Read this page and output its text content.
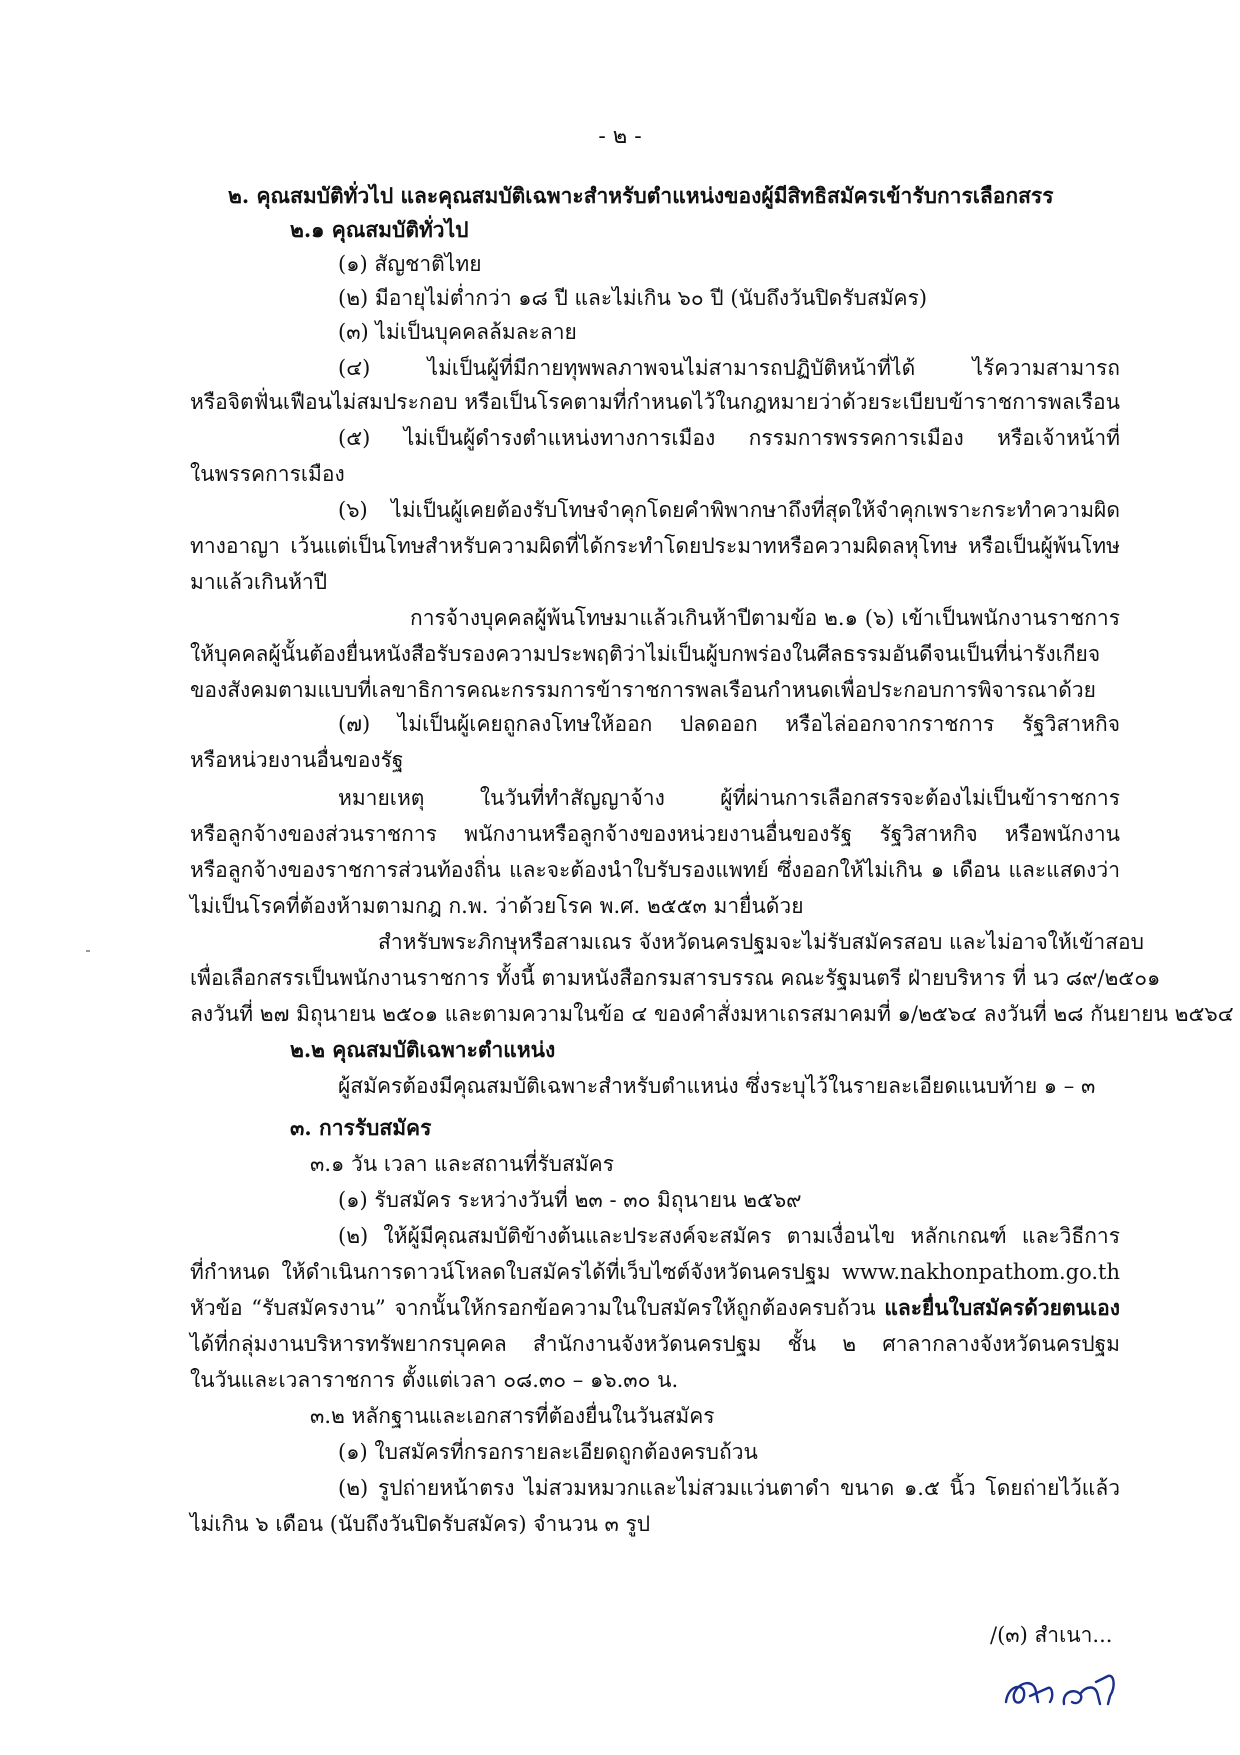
- ๒ -
๒. คุณสมบัติทั่วไป และคุณสมบัติเฉพาะสำหรับตำแหน่งของผู้มีสิทธิสมัครเข้ารับการเลือกสรร
๒.๑ คุณสมบัติทั่วไป
(๑) สัญชาติไทย
(๒) มีอายุไม่ต่ำกว่า ๑๘ ปี และไม่เกิน ๖๐ ปี (นับถึงวันปิดรับสมัคร)
(๓) ไม่เป็นบุคคลล้มละลาย
(๔) ไม่เป็นผู้ที่มีกายทุพพลภาพจนไม่สามารถปฏิบัติหน้าที่ได้ ไร้ความสามารถ
หรือจิตฟั่นเฟือนไม่สมประกอบ หรือเป็นโรคตามที่กำหนดไว้ในกฎหมายว่าด้วยระเบียบข้าราชการพลเรือน
(๕) ไม่เป็นผู้ดำรงตำแหน่งทางการเมือง กรรมการพรรคการเมือง หรือเจ้าหน้าที่
ในพรรคการเมือง
(๖) ไม่เป็นผู้เคยต้องรับโทษจำคุกโดยคำพิพากษาถึงที่สุดให้จำคุกเพราะกระทำความผิด
ทางอาญา เว้นแต่เป็นโทษสำหรับความผิดที่ได้กระทำโดยประมาทหรือความผิดลหุโทษ หรือเป็นผู้พ้นโทษ
มาแล้วเกินห้าปี
การจ้างบุคคลผู้พ้นโทษมาแล้วเกินห้าปีตามข้อ ๒.๑ (๖) เข้าเป็นพนักงานราชการ
ให้บุคคลผู้นั้นต้องยื่นหนังสือรับรองความประพฤติว่าไม่เป็นผู้บกพร่องในศีลธรรมอันดีจนเป็นที่น่ารังเกียจ
ของสังคมตามแบบที่เลขาธิการคณะกรรมการข้าราชการพลเรือนกำหนดเพื่อประกอบการพิจารณาด้วย
(๗) ไม่เป็นผู้เคยถูกลงโทษให้ออก ปลดออก หรือไล่ออกจากราชการ รัฐวิสาหกิจ
หรือหน่วยงานอื่นของรัฐ
หมายเหตุ ในวันที่ทำสัญญาจ้าง ผู้ที่ผ่านการเลือกสรรจะต้องไม่เป็นข้าราชการ
หรือลูกจ้างของส่วนราชการ พนักงานหรือลูกจ้างของหน่วยงานอื่นของรัฐ รัฐวิสาหกิจ หรือพนักงาน
หรือลูกจ้างของราชการส่วนท้องถิ่น และจะต้องนำใบรับรองแพทย์ ซึ่งออกให้ไม่เกิน ๑ เดือน และแสดงว่า
ไม่เป็นโรคที่ต้องห้ามตามกฎ ก.พ. ว่าด้วยโรค พ.ศ. ๒๕๕๓ มายื่นด้วย
สำหรับพระภิกษุหรือสามเณร จังหวัดนครปฐมจะไม่รับสมัครสอบ และไม่อาจให้เข้าสอบ
เพื่อเลือกสรรเป็นพนักงานราชการ ทั้งนี้ ตามหนังสือกรมสารบรรณ คณะรัฐมนตรี ฝ่ายบริหาร ที่ นว ๘๙/๒๕๐๑
ลงวันที่ ๒๗ มิถุนายน ๒๕๐๑ และตามความในข้อ ๔ ของคำสั่งมหาเถรสมาคมที่ ๑/๒๕๖๔ ลงวันที่ ๒๘ กันยายน ๒๕๖๔
๒.๒ คุณสมบัติเฉพาะตำแหน่ง
ผู้สมัครต้องมีคุณสมบัติเฉพาะสำหรับตำแหน่ง ซึ่งระบุไว้ในรายละเอียดแนบท้าย ๑ – ๓
๓. การรับสมัคร
๓.๑ วัน เวลา และสถานที่รับสมัคร
(๑) รับสมัคร ระหว่างวันที่ ๒๓ - ๓๐ มิถุนายน ๒๕๖๙
(๒) ให้ผู้มีคุณสมบัติข้างต้นและประสงค์จะสมัคร ตามเงื่อนไข หลักเกณฑ์ และวิธีการ
ที่กำหนด ให้ดำเนินการดาวน์โหลดใบสมัครได้ที่เว็บไซต์จังหวัดนครปฐม www.nakhonpathom.go.th
หัวข้อ “รับสมัครงาน” จากนั้นให้กรอกข้อความในใบสมัครให้ถูกต้องครบถ้วน และยื่นใบสมัครด้วยตนเอง
ได้ที่กลุ่มงานบริหารทรัพยากรบุคคล สำนักงานจังหวัดนครปฐม ชั้น ๒ ศาลากลางจังหวัดนครปฐม
ในวันและเวลาราชการ ตั้งแต่เวลา ๐๘.๓๐ – ๑๖.๓๐ น.
๓.๒ หลักฐานและเอกสารที่ต้องยื่นในวันสมัคร
(๑) ใบสมัครที่กรอกรายละเอียดถูกต้องครบถ้วน
(๒) รูปถ่ายหน้าตรง ไม่สวมหมวกและไม่สวมแว่นตาดำ ขนาด ๑.๕ นิ้ว โดยถ่ายไว้แล้ว
ไม่เกิน ๖ เดือน (นับถึงวันปิดรับสมัคร) จำนวน ๓ รูป
/(๓) สำเนา...
